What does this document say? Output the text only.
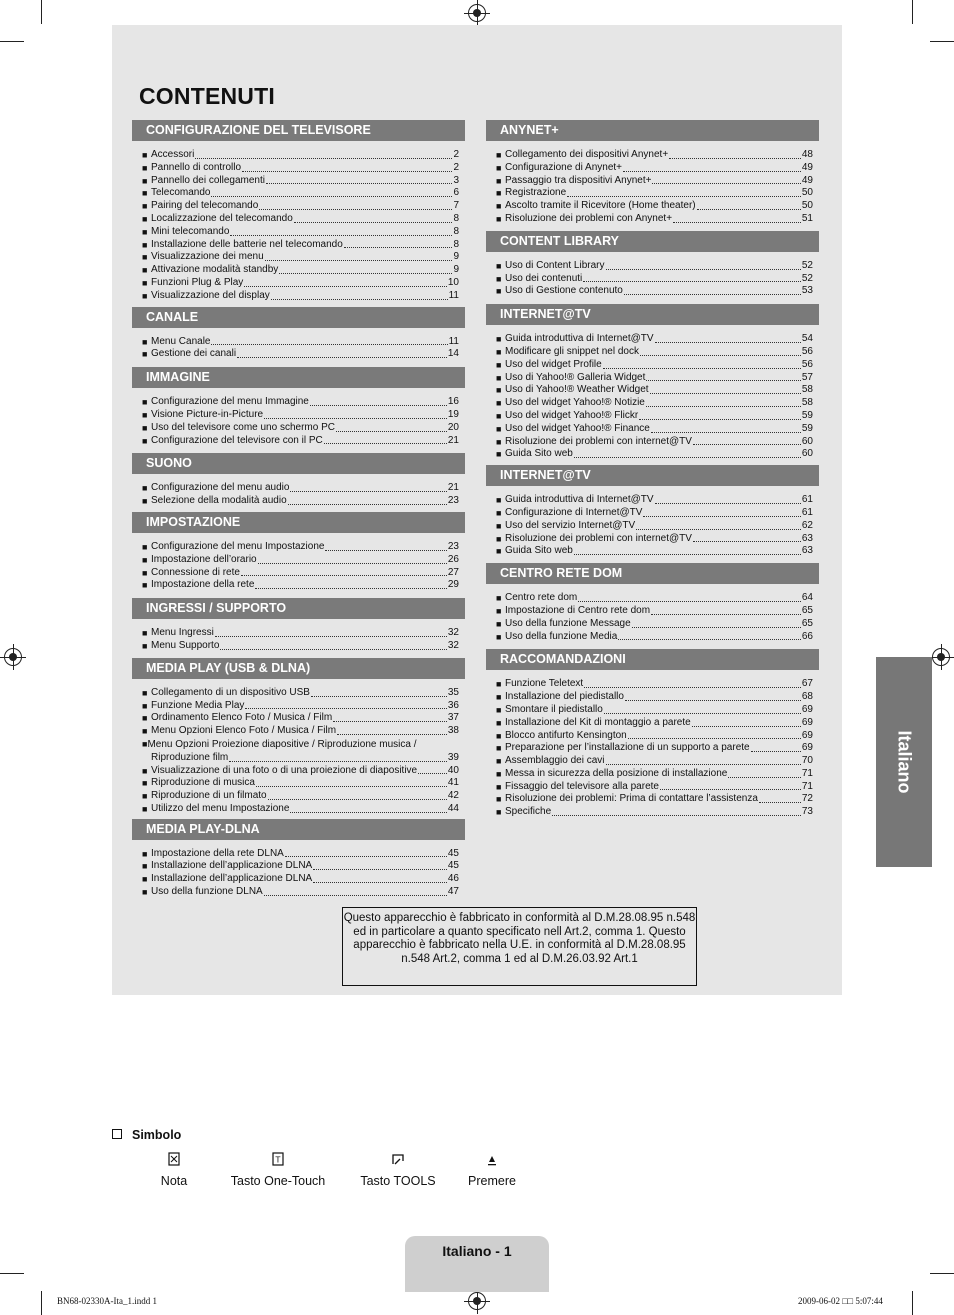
CONTENUTI
CONFIGURAZIONE DEL TELEVISORE
■ Accessori	2
■ Pannello di controllo	2
■ Pannello dei collegamenti	3
■ Telecomando	6
■ Pairing del telecomando	7
■ Localizzazione del telecomando	8
■ Mini telecomando	8
■ Installazione delle batterie nel telecomando	8
■ Visualizzazione dei menu	9
■ Attivazione modalità standby	9
■ Funzioni Plug & Play	10
■ Visualizzazione del display	11
CANALE
■ Menu Canale	11
■ Gestione dei canali	14
IMMAGINE
■ Configurazione del menu Immagine	16
■ Visione Picture-in-Picture	19
■ Uso del televisore come uno schermo PC	20
■ Configurazione del televisore con il PC	21
SUONO
■ Configurazione del menu audio	21
■ Selezione della modalità audio	23
IMPOSTAZIONE
■ Configurazione del menu Impostazione	23
■ Impostazione dell’orario	26
■ Connessione di rete	27
■ Impostazione della rete	29
INGRESSI / SUPPORTO
■ Menu Ingressi	32
■ Menu Supporto	32
MEDIA PLAY (USB & DLNA)
■ Collegamento di un dispositivo USB	35
■ Funzione Media Play	36
■ Ordinamento Elenco Foto / Musica / Film	37
■ Menu Opzioni Elenco Foto / Musica / Film	38
■Menu Opzioni Proiezione diapositive / Riproduzione musica /
Riproduzione film	39
■ Visualizzazione di una foto o di una proiezione di diapositive	40
■ Riproduzione di musica	41
■ Riproduzione di un filmato	42
■ Utilizzo del menu Impostazione	44
MEDIA PLAY-DLNA
■ Impostazione della rete DLNA	45
■ Installazione dell’applicazione DLNA	45
■ Installazione dell’applicazione DLNA	46
■ Uso della funzione DLNA	47
ANYNET+
■ Collegamento dei dispositivi Anynet+	48
■ Configurazione di Anynet+	49
■ Passaggio tra dispositivi Anynet+	49
■ Registrazione	50
■ Ascolto tramite il Ricevitore (Home theater)	50
■ Risoluzione dei problemi con Anynet+	51
CONTENT LIBRARY
■ Uso di Content Library	52
■ Uso dei contenuti	52
■ Uso di Gestione contenuto	53
INTERNET@TV
■ Guida introduttiva di Internet@TV	54
■ Modificare gli snippet nel dock	56
■ Uso del widget Profile	56
■ Uso di Yahoo!® Galleria Widget	57
■ Uso di Yahoo!® Weather Widget	58
■ Uso del widget Yahoo!® Notizie	58
■ Uso del widget Yahoo!® Flickr	59
■ Uso del widget Yahoo!® Finance	59
■ Risoluzione dei problemi con internet@TV	60
■ Guida Sito web	60
INTERNET@TV
■ Guida introduttiva di Internet@TV	61
■ Configurazione di Internet@TV	61
■ Uso del servizio Internet@TV	62
■ Risoluzione dei problemi con internet@TV	63
■ Guida Sito web	63
CENTRO RETE DOM
■ Centro rete dom	64
■ Impostazione di Centro rete dom	65
■ Uso della funzione Message	65
■ Uso della funzione Media	66
RACCOMANDAZIONI
■ Funzione Teletext	67
■ Installazione del piedistallo	68
■ Smontare il piedistallo	69
■ Installazione del Kit di montaggio a parete	69
■ Blocco antifurto Kensington	69
■ Preparazione per l’installazione di un supporto a parete	69
■ Assemblaggio dei cavi	70
■ Messa in sicurezza della posizione di installazione	71
■ Fissaggio del televisore alla parete	71
■ Risoluzione dei problemi: Prima di contattare l’assistenza	72
■ Specifiche	73
Questo apparecchio è fabbricato in conformità al D.M.28.08.95 n.548 ed in particolare a quanto specificato nell Art.2, comma 1. Questo apparecchio è fabbricato nella U.E. in conformità al D.M.28.08.95 n.548 Art.2, comma 1 ed al D.M.26.03.92 Art.1
Italiano
Simbolo
Nota
T
Tasto One-Touch	Tasto TOOLS	Premere
Italiano - 1
BN68-02330A-Ita_1.indd 1	2009-06-02 □□ 5:07:44
